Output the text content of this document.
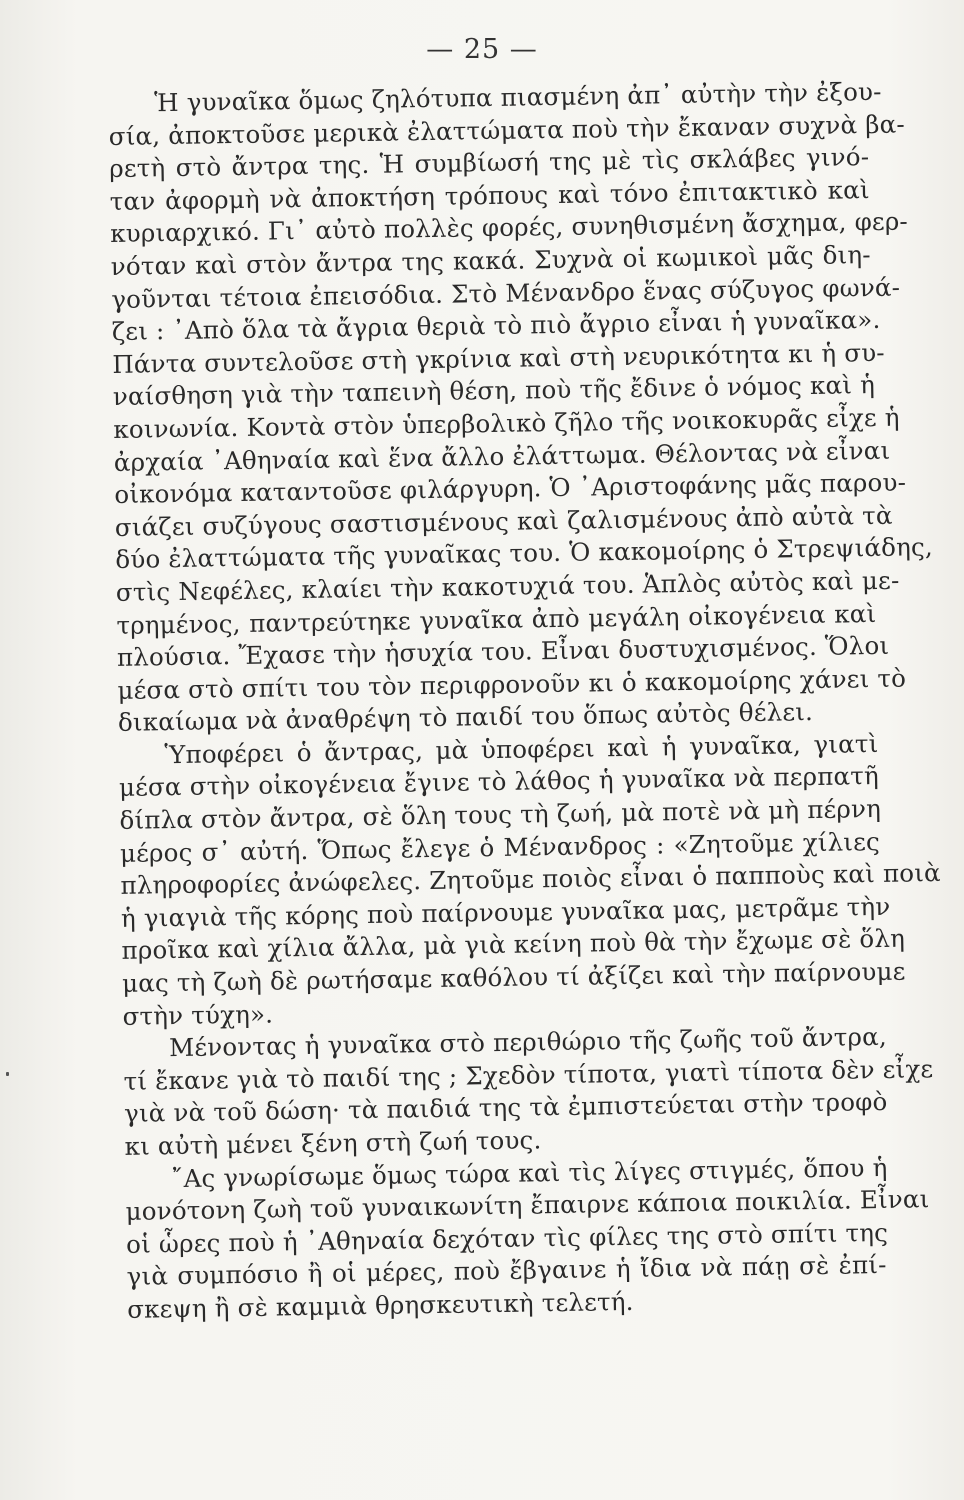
— 25 —
Ἡ γυναῖκα ὅμως ζηλότυπα πιασμένη ἀπ᾽ αὐτὴν τὴν ἐξου-
σία, ἀποκτοῦσε μερικὰ ἐλαττώματα ποὺ τὴν ἔκαναν συχνὰ βα-
ρετὴ στὸ ἄντρα της. Ἡ συμβίωσή της μὲ τὶς σκλάβες γινό-
ταν ἀφορμὴ νὰ ἀποκτήση τρόπους καὶ τόνο ἐπιτακτικὸ καὶ
κυριαρχικό. Γι᾽ αὐτὸ πολλὲς φορές, συνηθισμένη ἄσχημα, φερ-
νόταν καὶ στὸν ἄντρα της κακά. Συχνὰ οἱ κωμικοὶ μᾶς διη-
γοῦνται τέτοια ἐπεισόδια. Στὸ Μένανδρο ἕνας σύζυγος φωνά-
ζει : ᾿Απὸ ὅλα τὰ ἄγρια θεριὰ τὸ πιὸ ἄγριο εἶναι ἡ γυναῖκα».
Πάντα συντελοῦσε στὴ γκρίνια καὶ στὴ νευρικότητα κι ἡ συ-
ναίσθηση γιὰ τὴν ταπεινὴ θέση, ποὺ τῆς ἔδινε ὁ νόμος καὶ ἡ
κοινωνία. Κοντὰ στὸν ὑπερβολικὸ ζῆλο τῆς νοικοκυρᾶς εἶχε ἡ
ἀρχαία ᾿Αθηναία καὶ ἕνα ἄλλο ἐλάττωμα. Θέλοντας νὰ εἶναι
οἰκονόμα καταντοῦσε φιλάργυρη. Ὁ ᾿Αριστοφάνης μᾶς παρου-
σιάζει συζύγους σαστισμένους καὶ ζαλισμένους ἀπὸ αὐτὰ τὰ
δύο ἐλαττώματα τῆς γυναῖκας του. Ὁ κακομοίρης ὁ Στρεψιάδης,
στὶς Νεφέλες, κλαίει τὴν κακοτυχιά του. Ἁπλὸς αὐτὸς καὶ με-
τρημένος, παντρεύτηκε γυναῖκα ἀπὸ μεγάλη οἰκογένεια καὶ
πλούσια. Ἔχασε τὴν ἡσυχία του. Εἶναι δυστυχισμένος. Ὅλοι
μέσα στὸ σπίτι του τὸν περιφρονοῦν κι ὁ κακομοίρης χάνει τὸ
δικαίωμα νὰ ἀναθρέψη τὸ παιδί του ὅπως αὐτὸς θέλει.
Ὑποφέρει ὁ ἄντρας, μὰ ὑποφέρει καὶ ἡ γυναῖκα, γιατὶ
μέσα στὴν οἰκογένεια ἔγινε τὸ λάθος ἡ γυναῖκα νὰ περπατῆ
δίπλα στὸν ἄντρα, σὲ ὅλη τους τὴ ζωή, μὰ ποτὲ νὰ μὴ πέρνη
μέρος σ᾽ αὐτή. Ὅπως ἔλεγε ὁ Μένανδρος : «Ζητοῦμε χίλιες
πληροφορίες ἀνώφελες. Ζητοῦμε ποιὸς εἶναι ὁ παπποὺς καὶ ποιὰ
ἡ γιαγιὰ τῆς κόρης ποὺ παίρνουμε γυναῖκα μας, μετρᾶμε τὴν
προῖκα καὶ χίλια ἄλλα, μὰ γιὰ κείνη ποὺ θὰ τὴν ἔχωμε σὲ ὅλη
μας τὴ ζωὴ δὲ ρωτήσαμε καθόλου τί ἀξίζει καὶ τὴν παίρνουμε
στὴν τύχη».
Μένοντας ἡ γυναῖκα στὸ περιθώριο τῆς ζωῆς τοῦ ἄντρα,
τί ἔκανε γιὰ τὸ παιδί της ; Σχεδὸν τίποτα, γιατὶ τίποτα δὲν εἶχε
γιὰ νὰ τοῦ δώση· τὰ παιδιά της τὰ ἐμπιστεύεται στὴν τροφὸ
κι αὐτὴ μένει ξένη στὴ ζωή τους.
῎Ας γνωρίσωμε ὅμως τώρα καὶ τὶς λίγες στιγμές, ὅπου ἡ
μονότονη ζωὴ τοῦ γυναικωνίτη ἔπαιρνε κάποια ποικιλία. Εἶναι
οἱ ὧρες ποὺ ἡ ᾿Αθηναία δεχόταν τὶς φίλες της στὸ σπίτι της
γιὰ συμπόσιο ἢ οἱ μέρες, ποὺ ἔβγαινε ἡ ἴδια νὰ πάῃ σὲ ἐπί-
σκεψη ἢ σὲ καμμιὰ θρησκευτικὴ τελετή.
